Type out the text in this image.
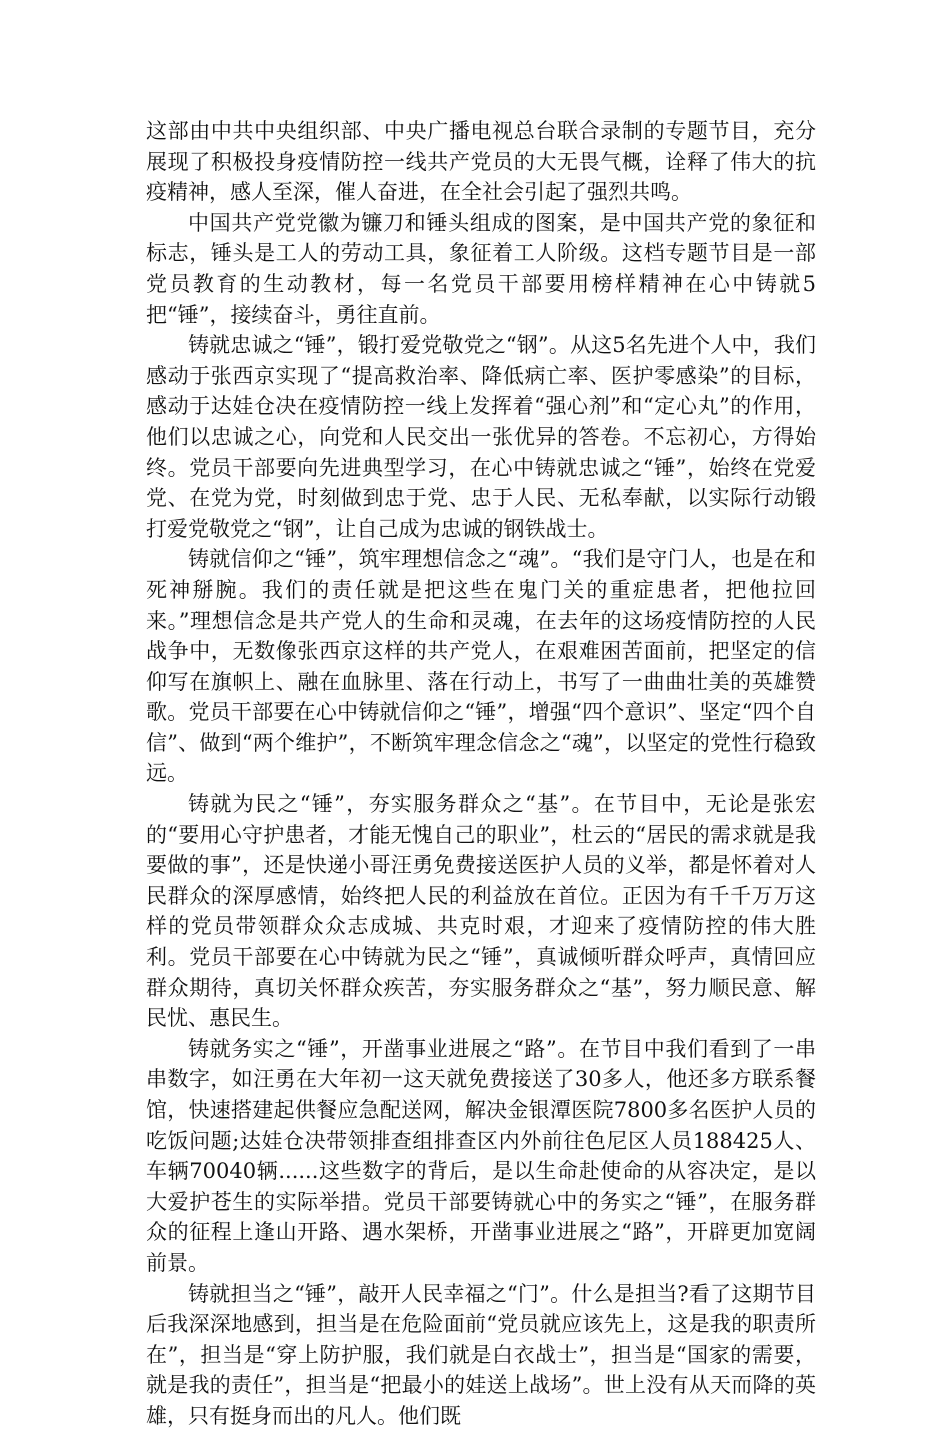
这部由中共中央组织部、中央广播电视总台联合录制的专题节目，充分展现了积极投身疫情防控一线共产党员的大无畏气概，诠释了伟大的抗疫精神，感人至深，催人奋进，在全社会引起了强烈共鸣。

中国共产党党徽为镰刀和锤头组成的图案，是中国共产党的象征和标志，锤头是工人的劳动工具，象征着工人阶级。这档专题节目是一部党员教育的生动教材，每一名党员干部要用榜样精神在心中铸就5把“锤”，接续奋斗，勇往直前。

铸就忠诚之“锤”，锻打爱党敬党之“钢”。从这5名先进个人中，我们感动于张西京实现了“提高救治率、降低病亡率、医护零感染”的目标，感动于达娃仓决在疫情防控一线上发挥着“强心剂”和“定心丸”的作用，他们以忠诚之心，向党和人民交出一张优异的答卷。不忘初心，方得始终。党员干部要向先进典型学习，在心中铸就忠诚之“锤”，始终在党爱党、在党为党，时刻做到忠于党、忠于人民、无私奉献，以实际行动锻打爱党敬党之“钢”，让自己成为忠诚的钢铁战士。

铸就信仰之“锤”，筑牢理想信念之“魂”。“我们是守门人，也是在和死神掰腕。我们的责任就是把这些在鬼门关的重症患者，把他拉回来。”理想信念是共产党人的生命和灵魂，在去年的这场疫情防控的人民战争中，无数像张西京这样的共产党人，在艰难困苦面前，把坚定的信仰写在旗帜上、融在血脉里、落在行动上，书写了一曲曲壮美的英雄赞歌。党员干部要在心中铸就信仰之“锤”，增强“四个意识”、坚定“四个自信”、做到“两个维护”，不断筑牢理念信念之“魂”，以坚定的党性行稳致远。

铸就为民之“锤”，夯实服务群众之“基”。在节目中，无论是张宏的“要用心守护患者，才能无愧自己的职业”，杜云的“居民的需求就是我要做的事”，还是快递小哥汪勇免费接送医护人员的义举，都是怀着对人民群众的深厚感情，始终把人民的利益放在首位。正因为有千千万万这样的党员带领群众众志成城、共克时艰，才迎来了疫情防控的伟大胜利。党员干部要在心中铸就为民之“锤”，真诚倾听群众呼声，真情回应群众期待，真切关怀群众疾苦，夯实服务群众之“基”，努力顺民意、解民忧、惠民生。

铸就务实之“锤”，开凿事业进展之“路”。在节目中我们看到了一串串数字，如汪勇在大年初一这天就免费接送了30多人，他还多方联系餐馆，快速搭建起供餐应急配送网，解决金银潭医院7800多名医护人员的吃饭问题;达娃仓决带领排查组排查区内外前往色尼区人员188425人、车辆70040辆......这些数字的背后，是以生命赴使命的从容决定，是以大爱护苍生的实际举措。党员干部要铸就心中的务实之“锤”，在服务群众的征程上逢山开路、遇水架桥，开凿事业进展之“路”，开辟更加宽阔前景。

铸就担当之“锤”，敲开人民幸福之“门”。什么是担当?看了这期节目后我深深地感到，担当是在危险面前“党员就应该先上，这是我的职责所在”，担当是“穿上防护服，我们就是白衣战士”，担当是“国家的需要，就是我的责任”，担当是“把最小的娃送上战场”。世上没有从天而降的英雄，只有挺身而出的凡人。他们既
